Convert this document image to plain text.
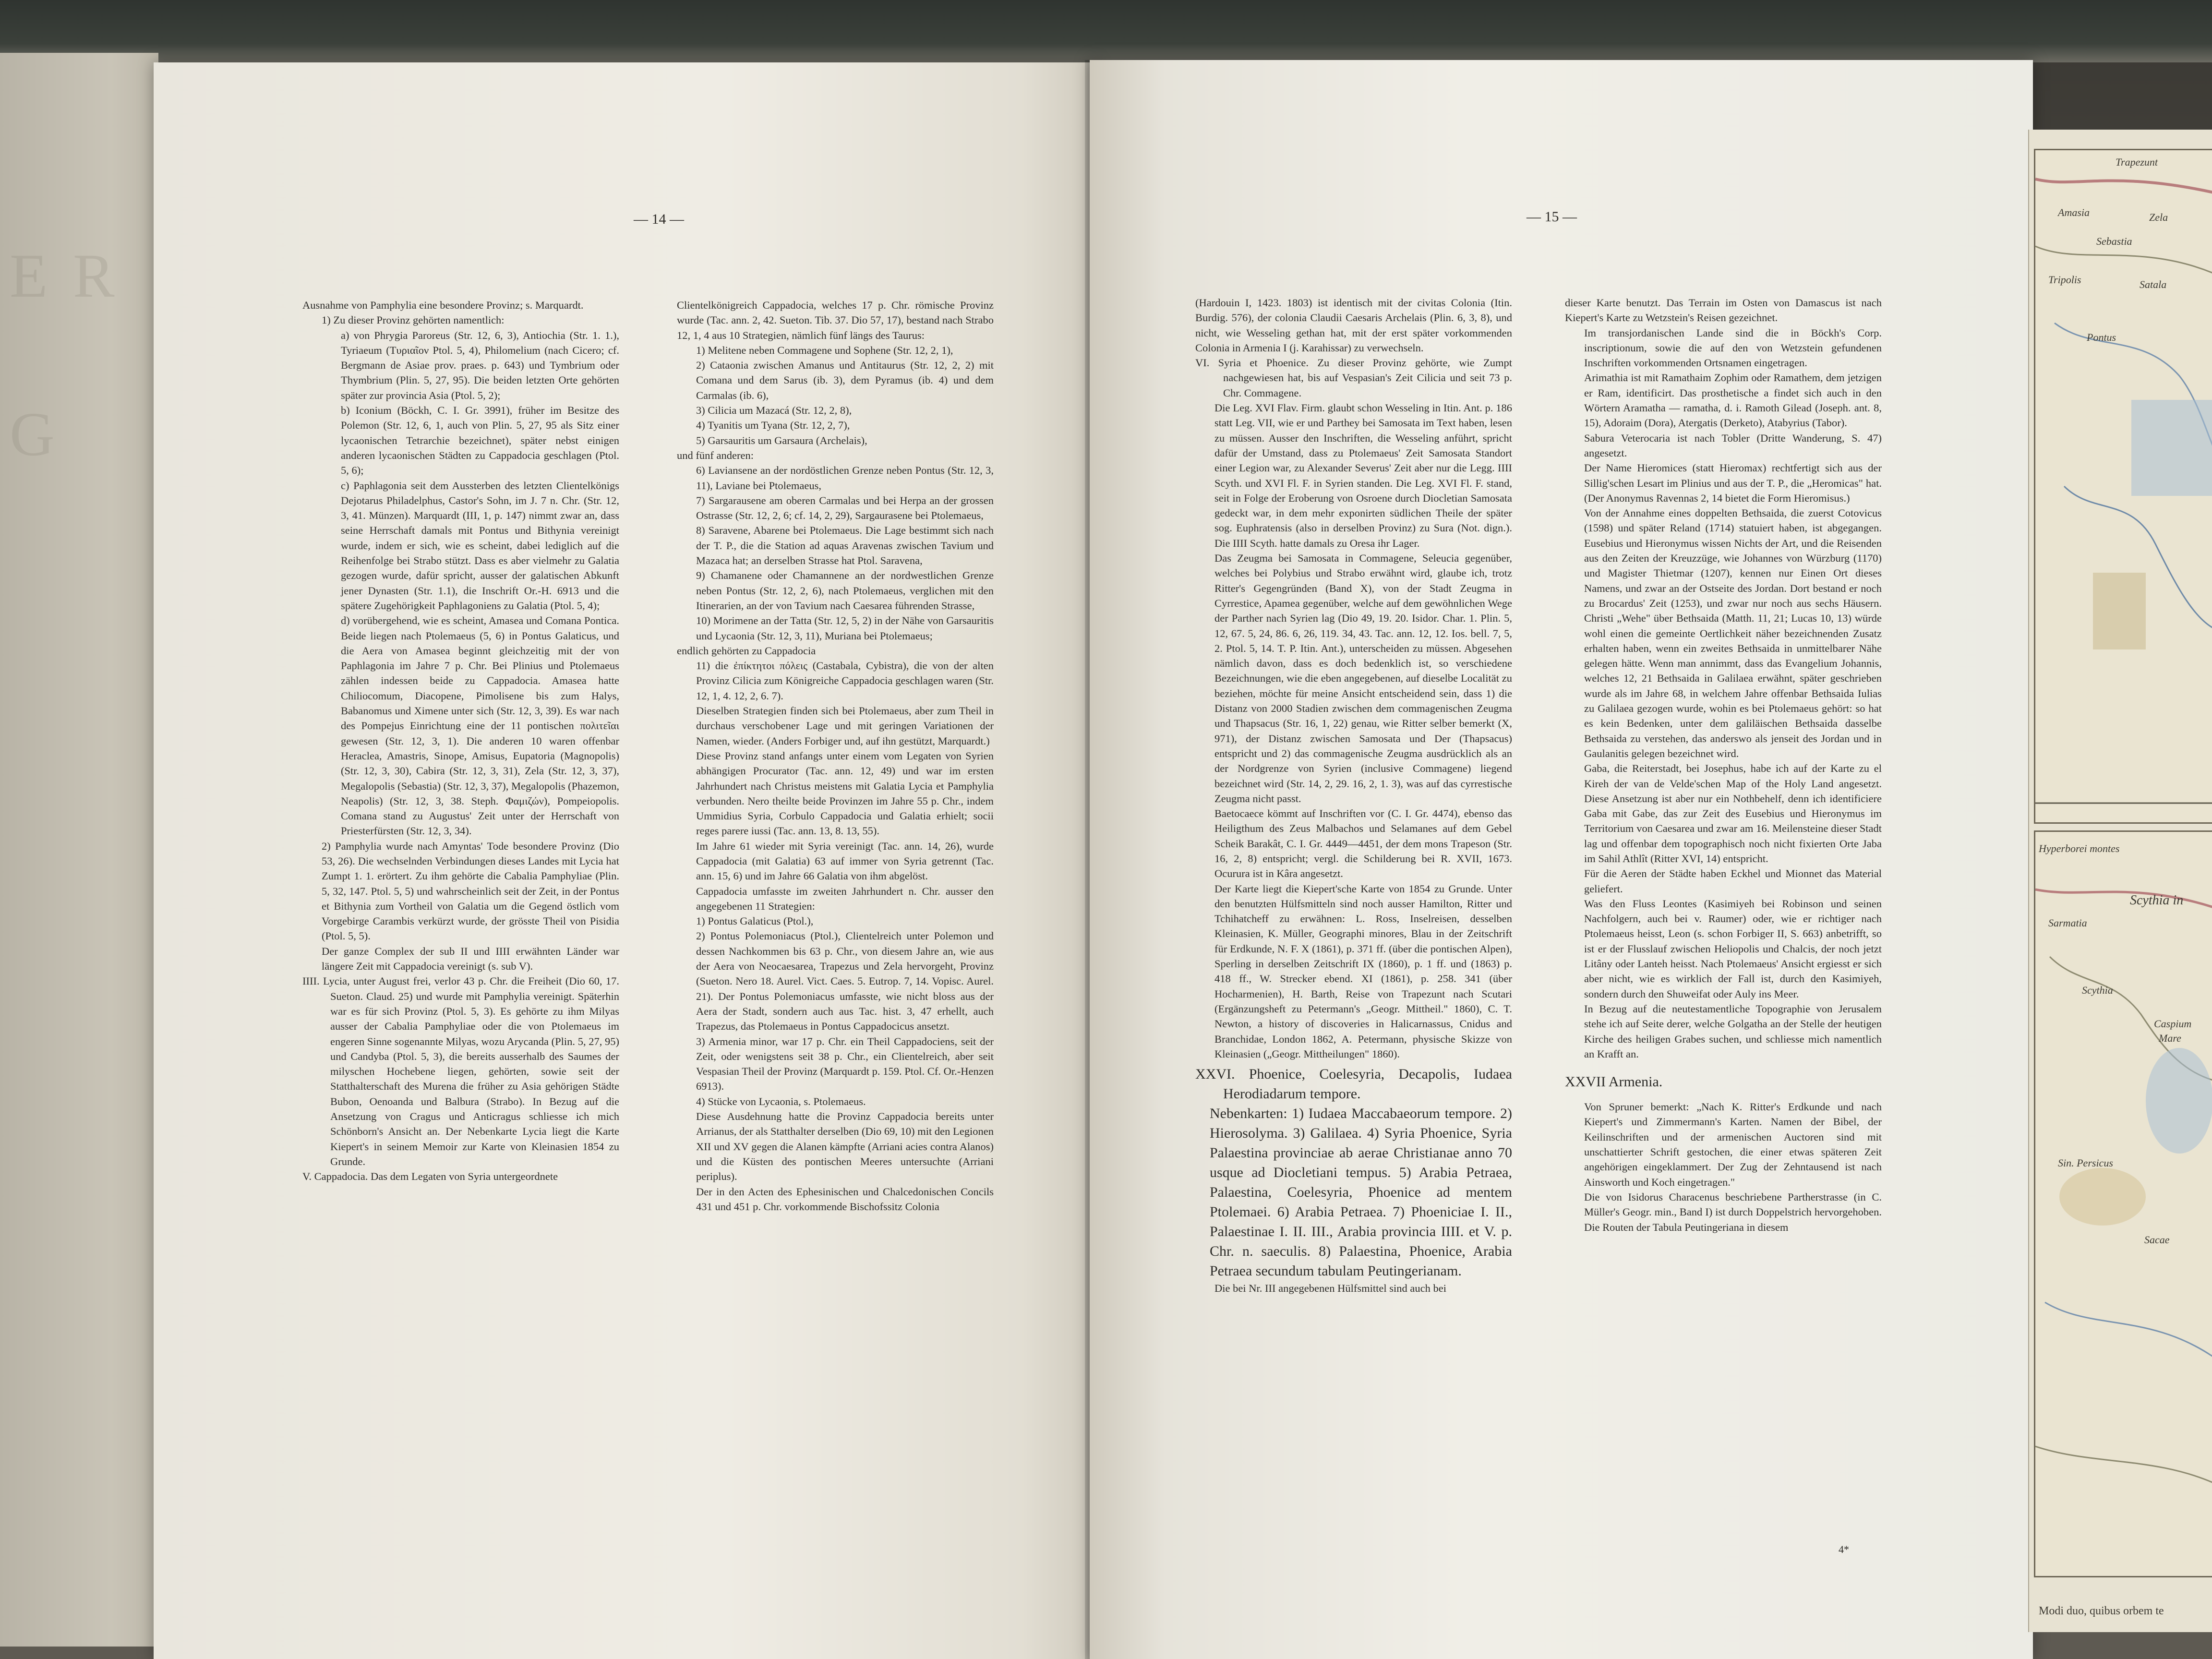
E R G
— 14 —

Ausnahme von Pamphylia eine besondere Provinz; s. Marquardt.

1) Zu dieser Provinz gehörten namentlich:

a) von Phrygia Paroreus (Str. 12, 6, 3), Antiochia (Str. 1. 1.), Tyriaeum (Τυριαῖον Ptol. 5, 4), Philomelium (nach Cicero; cf. Bergmann de Asiae prov. praes. p. 643) und Tymbrium oder Thymbrium (Plin. 5, 27, 95). Die beiden letzten Orte gehörten später zur provincia Asia (Ptol. 5, 2);

b) Iconium (Böckh, C. I. Gr. 3991), früher im Besitze des Polemon (Str. 12, 6, 1, auch von Plin. 5, 27, 95 als Sitz einer lycaonischen Tetrarchie bezeichnet), später nebst einigen anderen lycaonischen Städten zu Cappadocia geschlagen (Ptol. 5, 6);

c) Paphlagonia seit dem Aussterben des letzten Clientelkönigs Dejotarus Philadelphus, Castor's Sohn, im J. 7 n. Chr. (Str. 12, 3, 41. Münzen). Marquardt (III, 1, p. 147) nimmt zwar an, dass seine Herrschaft damals mit Pontus und Bithynia vereinigt wurde, indem er sich, wie es scheint, dabei lediglich auf die Reihenfolge bei Strabo stützt. Dass es aber vielmehr zu Galatia gezogen wurde, dafür spricht, ausser der galatischen Abkunft jener Dynasten (Str. 1.1), die Inschrift Or.-H. 6913 und die spätere Zugehörigkeit Paphlagoniens zu Galatia (Ptol. 5, 4);

d) vorübergehend, wie es scheint, Amasea und Comana Pontica. Beide liegen nach Ptolemaeus (5, 6) in Pontus Galaticus, und die Aera von Amasea beginnt gleichzeitig mit der von Paphlagonia im Jahre 7 p. Chr. Bei Plinius und Ptolemaeus zählen indessen beide zu Cappadocia. Amasea hatte Chiliocomum, Diacopene, Pimolisene bis zum Halys, Babanomus und Ximene unter sich (Str. 12, 3, 39). Es war nach des Pompejus Einrichtung eine der 11 pontischen πολιτεῖαι gewesen (Str. 12, 3, 1). Die anderen 10 waren offenbar Heraclea, Amastris, Sinope, Amisus, Eupatoria (Magnopolis) (Str. 12, 3, 30), Cabira (Str. 12, 3, 31), Zela (Str. 12, 3, 37), Megalopolis (Sebastia) (Str. 12, 3, 37), Megalopolis (Phazemon, Neapolis) (Str. 12, 3, 38. Steph. Φαμιζών), Pompeiopolis. Comana stand zu Augustus' Zeit unter der Herrschaft von Priesterfürsten (Str. 12, 3, 34).

2) Pamphylia wurde nach Amyntas' Tode besondere Provinz (Dio 53, 26). Die wechselnden Verbindungen dieses Landes mit Lycia hat Zumpt 1. 1. erörtert. Zu ihm gehörte die Cabalia Pamphyliae (Plin. 5, 32, 147. Ptol. 5, 5) und wahrscheinlich seit der Zeit, in der Pontus et Bithynia zum Vortheil von Galatia um die Gegend östlich vom Vorgebirge Carambis verkürzt wurde, der grösste Theil von Pisidia (Ptol. 5, 5).

Der ganze Complex der sub II und IIII erwähnten Länder war längere Zeit mit Cappadocia vereinigt (s. sub V).

IIII. Lycia, unter August frei, verlor 43 p. Chr. die Freiheit (Dio 60, 17. Sueton. Claud. 25) und wurde mit Pamphylia vereinigt. Späterhin war es für sich Provinz (Ptol. 5, 3). Es gehörte zu ihm Milyas ausser der Cabalia Pamphyliae oder die von Ptolemaeus im engeren Sinne sogenannte Milyas, wozu Arycanda (Plin. 5, 27, 95) und Candyba (Ptol. 5, 3), die bereits ausserhalb des Saumes der milyschen Hochebene liegen, gehörten, sowie seit der Statthalterschaft des Murena die früher zu Asia gehörigen Städte Bubon, Oenoanda und Balbura (Strabo). In Bezug auf die Ansetzung von Cragus und Anticragus schliesse ich mich Schönborn's Ansicht an. Der Nebenkarte Lycia liegt die Karte Kiepert's in seinem Memoir zur Karte von Kleinasien 1854 zu Grunde.

V. Cappadocia. Das dem Legaten von Syria untergeordnete

Clientelkönigreich Cappadocia, welches 17 p. Chr. römische Provinz wurde (Tac. ann. 2, 42. Sueton. Tib. 37. Dio 57, 17), bestand nach Strabo 12, 1, 4 aus 10 Strategien, nämlich fünf längs des Taurus:

1) Melitene neben Commagene und Sophene (Str. 12, 2, 1),

2) Cataonia zwischen Amanus und Antitaurus (Str. 12, 2, 2) mit Comana und dem Sarus (ib. 3), dem Pyramus (ib. 4) und dem Carmalas (ib. 6),

3) Cilicia um Mazacá (Str. 12, 2, 8),

4) Tyanitis um Tyana (Str. 12, 2, 7),

5) Garsauritis um Garsaura (Archelais),

und fünf anderen:

6) Laviansene an der nordöstlichen Grenze neben Pontus (Str. 12, 3, 11), Laviane bei Ptolemaeus,

7) Sargarausene am oberen Carmalas und bei Herpa an der grossen Ostrasse (Str. 12, 2, 6; cf. 14, 2, 29), Sargaurasene bei Ptolemaeus,

8) Saravene, Abarene bei Ptolemaeus. Die Lage bestimmt sich nach der T. P., die die Station ad aquas Aravenas zwischen Tavium und Mazaca hat; an derselben Strasse hat Ptol. Saravena,

9) Chamanene oder Chamannene an der nordwestlichen Grenze neben Pontus (Str. 12, 2, 6), nach Ptolemaeus, verglichen mit den Itinerarien, an der von Tavium nach Caesarea führenden Strasse,

10) Morimene an der Tatta (Str. 12, 5, 2) in der Nähe von Garsauritis und Lycaonia (Str. 12, 3, 11), Muriana bei Ptolemaeus;

endlich gehörten zu Cappadocia

11) die ἐπίκτητοι πόλεις (Castabala, Cybistra), die von der alten Provinz Cilicia zum Königreiche Cappadocia geschlagen waren (Str. 12, 1, 4. 12, 2, 6. 7).

Dieselben Strategien finden sich bei Ptolemaeus, aber zum Theil in durchaus verschobener Lage und mit geringen Variationen der Namen, wieder. (Anders Forbiger und, auf ihn gestützt, Marquardt.)

Diese Provinz stand anfangs unter einem vom Legaten von Syrien abhängigen Procurator (Tac. ann. 12, 49) und war im ersten Jahrhundert nach Christus meistens mit Galatia Lycia et Pamphylia verbunden. Nero theilte beide Provinzen im Jahre 55 p. Chr., indem Ummidius Syria, Corbulo Cappadocia und Galatia erhielt; socii reges parere iussi (Tac. ann. 13, 8. 13, 55).

Im Jahre 61 wieder mit Syria vereinigt (Tac. ann. 14, 26), wurde Cappadocia (mit Galatia) 63 auf immer von Syria getrennt (Tac. ann. 15, 6) und im Jahre 66 Galatia von ihm abgelöst.

Cappadocia umfasste im zweiten Jahrhundert n. Chr. ausser den angegebenen 11 Strategien:

1) Pontus Galaticus (Ptol.),

2) Pontus Polemoniacus (Ptol.), Clientelreich unter Polemon und dessen Nachkommen bis 63 p. Chr., von diesem Jahre an, wie aus der Aera von Neocaesarea, Trapezus und Zela hervorgeht, Provinz (Sueton. Nero 18. Aurel. Vict. Caes. 5. Eutrop. 7, 14. Vopisc. Aurel. 21). Der Pontus Polemoniacus umfasste, wie nicht bloss aus der Aera der Stadt, sondern auch aus Tac. hist. 3, 47 erhellt, auch Trapezus, das Ptolemaeus in Pontus Cappadocicus ansetzt.

3) Armenia minor, war 17 p. Chr. ein Theil Cappadociens, seit der Zeit, oder wenigstens seit 38 p. Chr., ein Clientelreich, aber seit Vespasian Theil der Provinz (Marquardt p. 159. Ptol. Cf. Or.-Henzen 6913).

4) Stücke von Lycaonia, s. Ptolemaeus.

Diese Ausdehnung hatte die Provinz Cappadocia bereits unter Arrianus, der als Statthalter derselben (Dio 69, 10) mit den Legionen XII und XV gegen die Alanen kämpfte (Arriani acies contra Alanos) und die Küsten des pontischen Meeres untersuchte (Arriani periplus).

Der in den Acten des Ephesinischen und Chalcedonischen Concils 431 und 451 p. Chr. vorkommende Bischofssitz Colonia

— 15 —

(Hardouin I, 1423. 1803) ist identisch mit der civitas Colonia (Itin. Burdig. 576), der colonia Claudii Caesaris Archelais (Plin. 6, 3, 8), und nicht, wie Wesseling gethan hat, mit der erst später vorkommenden Colonia in Armenia I (j. Karahissar) zu verwechseln.

VI. Syria et Phoenice. Zu dieser Provinz gehörte, wie Zumpt nachgewiesen hat, bis auf Vespasian's Zeit Cilicia und seit 73 p. Chr. Commagene.

Die Leg. XVI Flav. Firm. glaubt schon Wesseling in Itin. Ant. p. 186 statt Leg. VII, wie er und Parthey bei Samosata im Text haben, lesen zu müssen. Ausser den Inschriften, die Wesseling anführt, spricht dafür der Umstand, dass zu Ptolemaeus' Zeit Samosata Standort einer Legion war, zu Alexander Severus' Zeit aber nur die Legg. IIII Scyth. und XVI Fl. F. in Syrien standen. Die Leg. XVI Fl. F. stand, seit in Folge der Eroberung von Osroene durch Diocletian Samosata gedeckt war, in dem mehr exponirten südlichen Theile der später sog. Euphratensis (also in derselben Provinz) zu Sura (Not. dign.). Die IIII Scyth. hatte damals zu Oresa ihr Lager.

Das Zeugma bei Samosata in Commagene, Seleucia gegenüber, welches bei Polybius und Strabo erwähnt wird, glaube ich, trotz Ritter's Gegengründen (Band X), von der Stadt Zeugma in Cyrrestice, Apamea gegenüber, welche auf dem gewöhnlichen Wege der Parther nach Syrien lag (Dio 49, 19. 20. Isidor. Char. 1. Plin. 5, 12, 67. 5, 24, 86. 6, 26, 119. 34, 43. Tac. ann. 12, 12. Ios. bell. 7, 5, 2. Ptol. 5, 14. T. P. Itin. Ant.), unterscheiden zu müssen. Abgesehen nämlich davon, dass es doch bedenklich ist, so verschiedene Bezeichnungen, wie die eben angegebenen, auf dieselbe Localität zu beziehen, möchte für meine Ansicht entscheidend sein, dass 1) die Distanz von 2000 Stadien zwischen dem commagenischen Zeugma und Thapsacus (Str. 16, 1, 22) genau, wie Ritter selber bemerkt (X, 971), der Distanz zwischen Samosata und Der (Thapsacus) entspricht und 2) das commagenische Zeugma ausdrücklich als an der Nordgrenze von Syrien (inclusive Commagene) liegend bezeichnet wird (Str. 14, 2, 29. 16, 2, 1. 3), was auf das cyrrestische Zeugma nicht passt.

Baetocaece kömmt auf Inschriften vor (C. I. Gr. 4474), ebenso das Heiligthum des Zeus Malbachos und Selamanes auf dem Gebel Scheik Barakât, C. I. Gr. 4449—4451, der dem mons Trapeson (Str. 16, 2, 8) entspricht; vergl. die Schilderung bei R. XVII, 1673. Ocurura ist in Kâra angesetzt.

Der Karte liegt die Kiepert'sche Karte von 1854 zu Grunde. Unter den benutzten Hülfsmitteln sind noch ausser Hamilton, Ritter und Tchihatcheff zu erwähnen: L. Ross, Inselreisen, desselben Kleinasien, K. Müller, Geographi minores, Blau in der Zeitschrift für Erdkunde, N. F. X (1861), p. 371 ff. (über die pontischen Alpen), Sperling in derselben Zeitschrift IX (1860), p. 1 ff. und (1863) p. 418 ff., W. Strecker ebend. XI (1861), p. 258. 341 (über Hocharmenien), H. Barth, Reise von Trapezunt nach Scutari (Ergänzungsheft zu Petermann's „Geogr. Mittheil." 1860), C. T. Newton, a history of discoveries in Halicarnassus, Cnidus and Branchidae, London 1862, A. Petermann, physische Skizze von Kleinasien („Geogr. Mittheilungen" 1860).

XXVI. Phoenice, Coelesyria, Decapolis, Iudaea Herodiadarum tempore.

Nebenkarten: 1) Iudaea Maccabaeorum tempore. 2) Hierosolyma. 3) Galilaea. 4) Syria Phoenice, Syria Palaestina provinciae ab aerae Christianae anno 70 usque ad Diocletiani tempus. 5) Arabia Petraea, Palaestina, Coelesyria, Phoenice ad mentem Ptolemaei. 6) Arabia Petraea. 7) Phoeniciae I. II., Palaestinae I. II. III., Arabia provincia IIII. et V. p. Chr. n. saeculis. 8) Palaestina, Phoenice, Arabia Petraea secundum tabulam Peutingerianam.

Die bei Nr. III angegebenen Hülfsmittel sind auch bei

dieser Karte benutzt. Das Terrain im Osten von Damascus ist nach Kiepert's Karte zu Wetzstein's Reisen gezeichnet.

Im transjordanischen Lande sind die in Böckh's Corp. inscriptionum, sowie die auf den von Wetzstein gefundenen Inschriften vorkommenden Ortsnamen eingetragen.

Arimathia ist mit Ramathaim Zophim oder Ramathem, dem jetzigen er Ram, identificirt. Das prosthetische a findet sich auch in den Wörtern Aramatha — ramatha, d. i. Ramoth Gilead (Joseph. ant. 8, 15), Adoraim (Dora), Atergatis (Derketo), Atabyrius (Tabor).

Sabura Veterocaria ist nach Tobler (Dritte Wanderung, S. 47) angesetzt.

Der Name Hieromices (statt Hieromax) rechtfertigt sich aus der Sillig'schen Lesart im Plinius und aus der T. P., die „Heromicas" hat. (Der Anonymus Ravennas 2, 14 bietet die Form Hieromisus.)

Von der Annahme eines doppelten Bethsaida, die zuerst Cotovicus (1598) und später Reland (1714) statuiert haben, ist abgegangen. Eusebius und Hieronymus wissen Nichts der Art, und die Reisenden aus den Zeiten der Kreuzzüge, wie Johannes von Würzburg (1170) und Magister Thietmar (1207), kennen nur Einen Ort dieses Namens, und zwar an der Ostseite des Jordan. Dort bestand er noch zu Brocardus' Zeit (1253), und zwar nur noch aus sechs Häusern. Christi „Wehe" über Bethsaida (Matth. 11, 21; Lucas 10, 13) würde wohl einen die gemeinte Oertlichkeit näher bezeichnenden Zusatz erhalten haben, wenn ein zweites Bethsaida in unmittelbarer Nähe gelegen hätte. Wenn man annimmt, dass das Evangelium Johannis, welches 12, 21 Bethsaida in Galilaea erwähnt, später geschrieben wurde als im Jahre 68, in welchem Jahre offenbar Bethsaida Iulias zu Galilaea gezogen wurde, wohin es bei Ptolemaeus gehört: so hat es kein Bedenken, unter dem galiläischen Bethsaida dasselbe Bethsaida zu verstehen, das anderswo als jenseit des Jordan und in Gaulanitis gelegen bezeichnet wird.

Gaba, die Reiterstadt, bei Josephus, habe ich auf der Karte zu el Kireh der van de Velde'schen Map of the Holy Land angesetzt. Diese Ansetzung ist aber nur ein Nothbehelf, denn ich identificiere Gaba mit Gabe, das zur Zeit des Eusebius und Hieronymus im Territorium von Caesarea und zwar am 16. Meilensteine dieser Stadt lag und offenbar dem topographisch noch nicht fixierten Orte Jaba im Sahil Athlît (Ritter XVI, 14) entspricht.

Für die Aeren der Städte haben Eckhel und Mionnet das Material geliefert.

Was den Fluss Leontes (Kasimiyeh bei Robinson und seinen Nachfolgern, auch bei v. Raumer) oder, wie er richtiger nach Ptolemaeus heisst, Leon (s. schon Forbiger II, S. 663) anbetrifft, so ist er der Flusslauf zwischen Heliopolis und Chalcis, der noch jetzt Litâny oder Lanteh heisst. Nach Ptolemaeus' Ansicht ergiesst er sich aber nicht, wie es wirklich der Fall ist, durch den Kasimiyeh, sondern durch den Shuweifat oder Auly ins Meer.

In Bezug auf die neutestamentliche Topographie von Jerusalem stehe ich auf Seite derer, welche Golgatha an der Stelle der heutigen Kirche des heiligen Grabes suchen, und schliesse mich namentlich an Krafft an.

XXVII Armenia.

Von Spruner bemerkt: „Nach K. Ritter's Erdkunde und nach Kiepert's und Zimmermann's Karten. Namen der Bibel, der Keilinschriften und der armenischen Auctoren sind mit unschattierter Schrift gestochen, die einer etwas späteren Zeit angehörigen eingeklammert. Der Zug der Zehntausend ist nach Ainsworth und Koch eingetragen."

Die von Isidorus Characenus beschriebene Partherstrasse (in C. Müller's Geogr. min., Band I) ist durch Doppelstrich hervorgehoben. Die Routen der Tabula Peutingeriana in diesem

4*
Trapezunt
Amasia	Zela
Sebastia
Tripolis	Satala
Pontus
Scythia in
Hyperborei montes
Sarmatia
Scythia
Caspium
Mare
Sin. Persicus
Sacae
Modi duo, quibus orbem te
